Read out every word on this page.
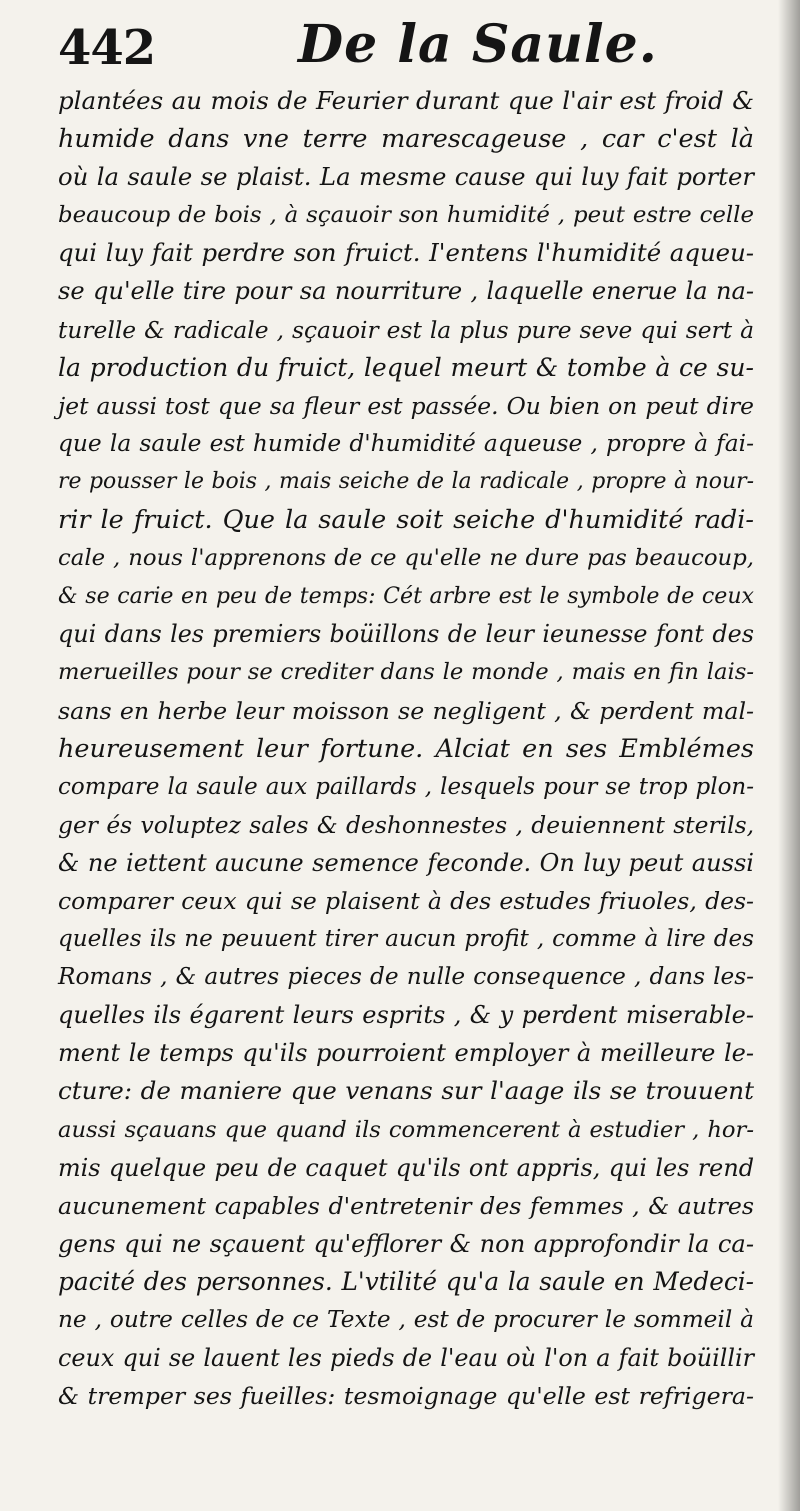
442	De la Saule.
plantées au mois de Feurier durant que l'air est froid &
humide dans vne terre marescageuse , car c'est là
où la saule se plaist. La mesme cause qui luy fait porter
beaucoup de bois , à sçauoir son humidité , peut estre celle
qui luy fait perdre son fruict. I'entens l'humidité aqueu-
se qu'elle tire pour sa nourriture , laquelle enerue la na-
turelle & radicale , sçauoir est la plus pure seve qui sert à
la production du fruict, lequel meurt & tombe à ce su-
jet aussi tost que sa fleur est passée. Ou bien on peut dire
que la saule est humide d'humidité aqueuse , propre à fai-
re pousser le bois , mais seiche de la radicale , propre à nour-
rir le fruict. Que la saule soit seiche d'humidité radi-
cale , nous l'apprenons de ce qu'elle ne dure pas beaucoup,
& se carie en peu de temps: Cét arbre est le symbole de ceux
qui dans les premiers boüillons de leur ieunesse font des
merueilles pour se crediter dans le monde , mais en fin lais-
sans en herbe leur moisson se negligent , & perdent mal-
heureusement leur fortune. Alciat en ses Emblémes
compare la saule aux paillards , lesquels pour se trop plon-
ger és voluptez sales & deshonnestes , deuiennent sterils,
& ne iettent aucune semence feconde. On luy peut aussi
comparer ceux qui se plaisent à des estudes friuoles, des-
quelles ils ne peuuent tirer aucun profit , comme à lire des
Romans , & autres pieces de nulle consequence , dans les-
quelles ils égarent leurs esprits , & y perdent miserable-
ment le temps qu'ils pourroient employer à meilleure le-
cture: de maniere que venans sur l'aage ils se trouuent
aussi sçauans que quand ils commencerent à estudier , hor-
mis quelque peu de caquet qu'ils ont appris, qui les rend
aucunement capables d'entretenir des femmes , & autres
gens qui ne sçauent qu'efflorer & non approfondir la ca-
pacité des personnes. L'vtilité qu'a la saule en Medeci-
ne , outre celles de ce Texte , est de procurer le sommeil à
ceux qui se lauent les pieds de l'eau où l'on a fait boüillir
& tremper ses fueilles: tesmoignage qu'elle est refrigera-
